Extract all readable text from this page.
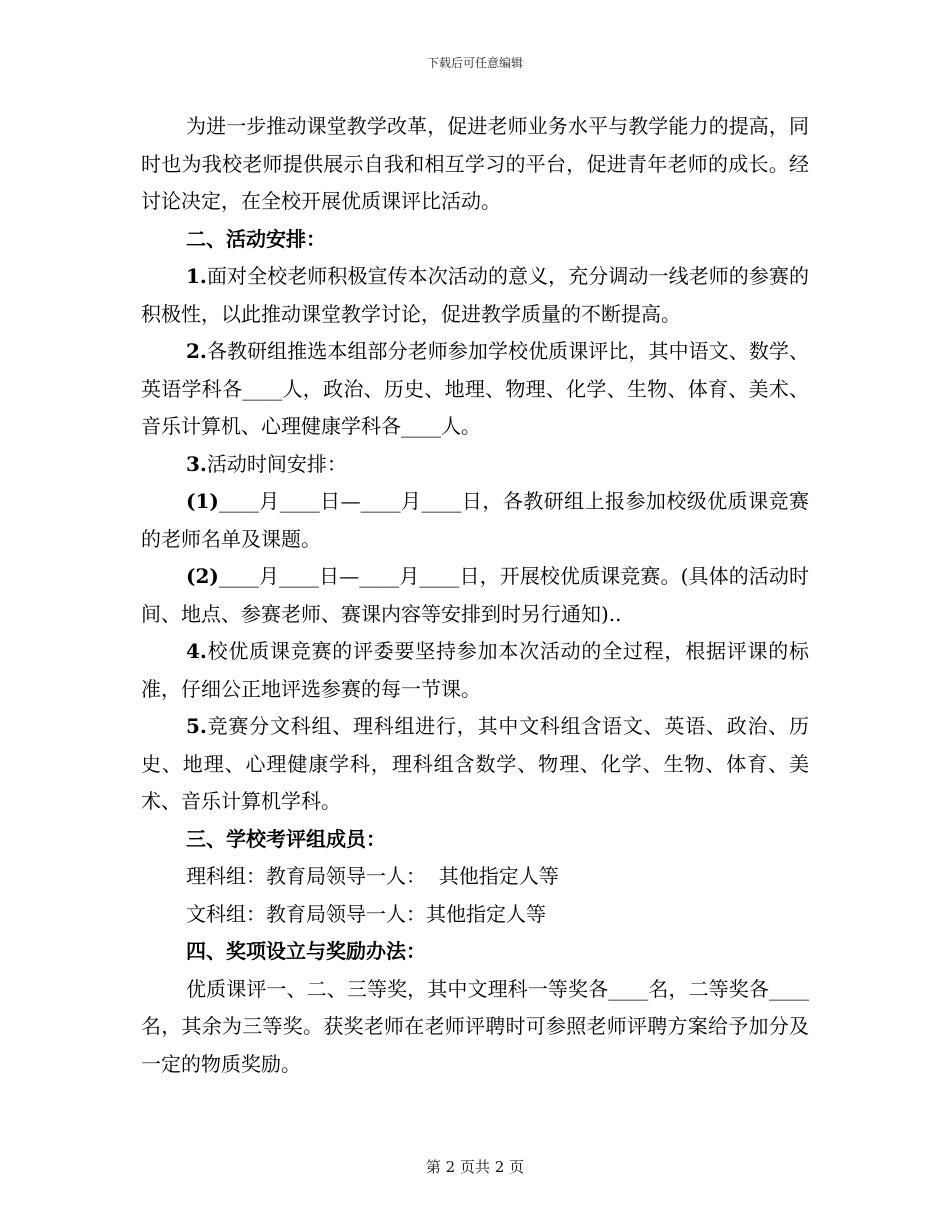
下载后可任意编辑

为进一步推动课堂教学改革，促进老师业务水平与教学能力的提高，同时也为我校老师提供展示自我和相互学习的平台，促进青年老师的成长。经讨论决定，在全校开展优质课评比活动。

二、活动安排：

1.面对全校老师积极宣传本次活动的意义，充分调动一线老师的参赛的积极性，以此推动课堂教学讨论，促进教学质量的不断提高。

2.各教研组推选本组部分老师参加学校优质课评比，其中语文、数学、英语学科各____人，政治、历史、地理、物理、化学、生物、体育、美术、音乐计算机、心理健康学科各____人。

3.活动时间安排：

(1)____月____日—____月____日，各教研组上报参加校级优质课竞赛的老师名单及课题。

(2)____月____日—____月____日，开展校优质课竞赛。(具体的活动时间、地点、参赛老师、赛课内容等安排到时另行通知)..

4.校优质课竞赛的评委要坚持参加本次活动的全过程，根据评课的标准，仔细公正地评选参赛的每一节课。

5.竞赛分文科组、理科组进行，其中文科组含语文、英语、政治、历史、地理、心理健康学科，理科组含数学、物理、化学、生物、体育、美术、音乐计算机学科。

三、学校考评组成员：

理科组：教育局领导一人：  其他指定人等

文科组：教育局领导一人：其他指定人等

四、奖项设立与奖励办法：

优质课评一、二、三等奖，其中文理科一等奖各____名，二等奖各____名，其余为三等奖。获奖老师在老师评聘时可参照老师评聘方案给予加分及一定的物质奖励。

第 2 页共 2 页
